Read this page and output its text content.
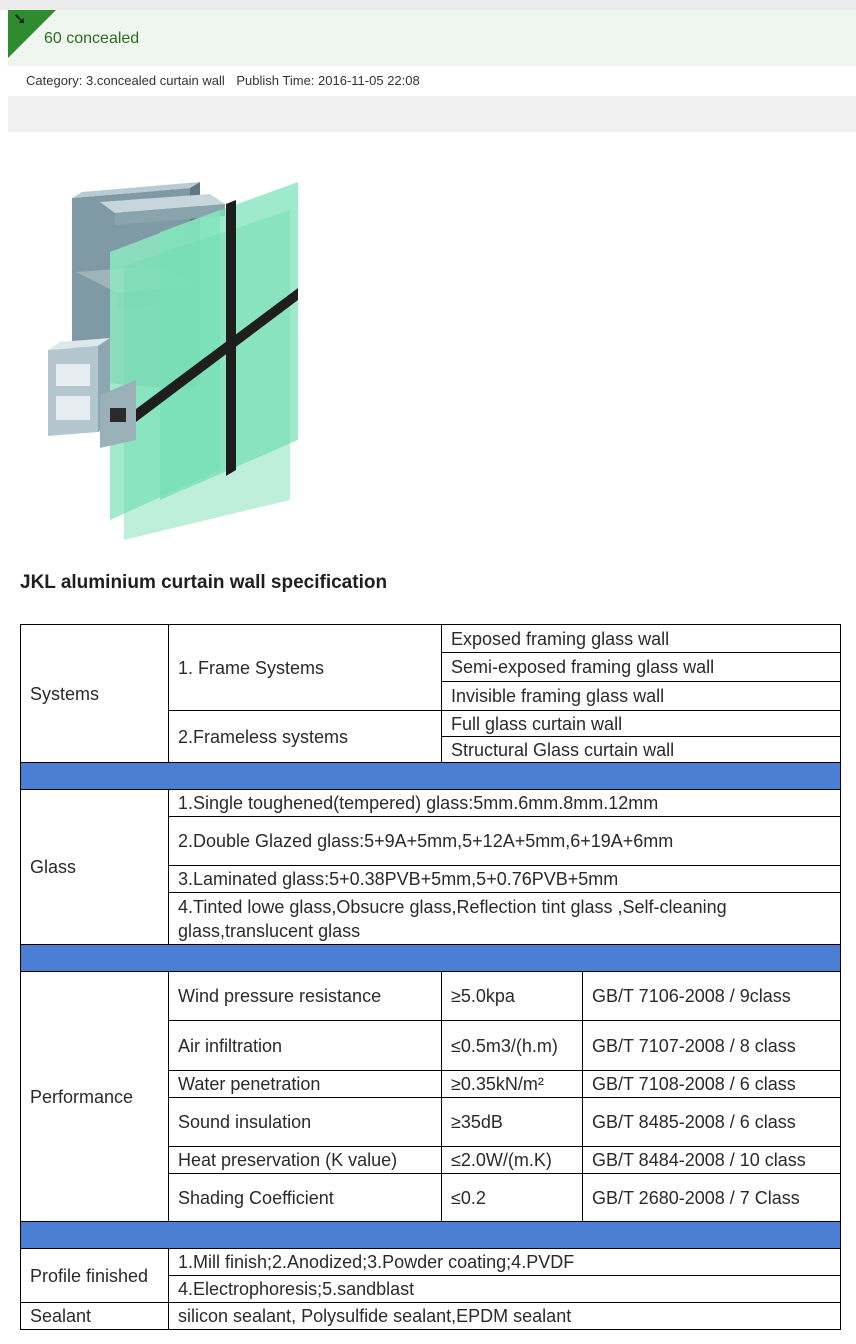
➘
60 concealed
Category: 3.concealed curtain wall Publish Time: 2016-11-05 22:08
JKL aluminium curtain wall specification
Systems	1. Frame Systems	Exposed framing glass wall	
		Semi-exposed framing glass wall	
		Invisible framing glass wall	
	2.Frameless systems	Full glass curtain wall	
		Structural Glass curtain wall	

Glass	1.Single toughened(tempered) glass:5mm.6mm.8mm.12mm		
	2.Double Glazed glass:5+9A+5mm,5+12A+5mm,6+19A+6mm		
	3.Laminated glass:5+0.38PVB+5mm,5+0.76PVB+5mm		
	4.Tinted lowe glass,Obsucre glass,Reflection tint glass ,Self-cleaning glass,translucent glass		

Performance	Wind pressure resistance	≥5.0kpa	GB/T 7106-2008 / 9class
	Air infiltration	≤0.5m3/(h.m)	GB/T 7107-2008 / 8 class
	Water penetration	≥0.35kN/m²	GB/T 7108-2008 / 6 class
	Sound insulation	≥35dB	GB/T 8485-2008 / 6 class
	Heat preservation (K value)	≤2.0W/(m.K)	GB/T 8484-2008 / 10 class
	Shading Coefficient	≤0.2	GB/T 2680-2008 / 7 Class

Profile finished	1.Mill finish;2.Anodized;3.Powder coating;4.PVDF		
	4.Electrophoresis;5.sandblast		
Sealant	silicon sealant, Polysulfide sealant,EPDM sealant		
